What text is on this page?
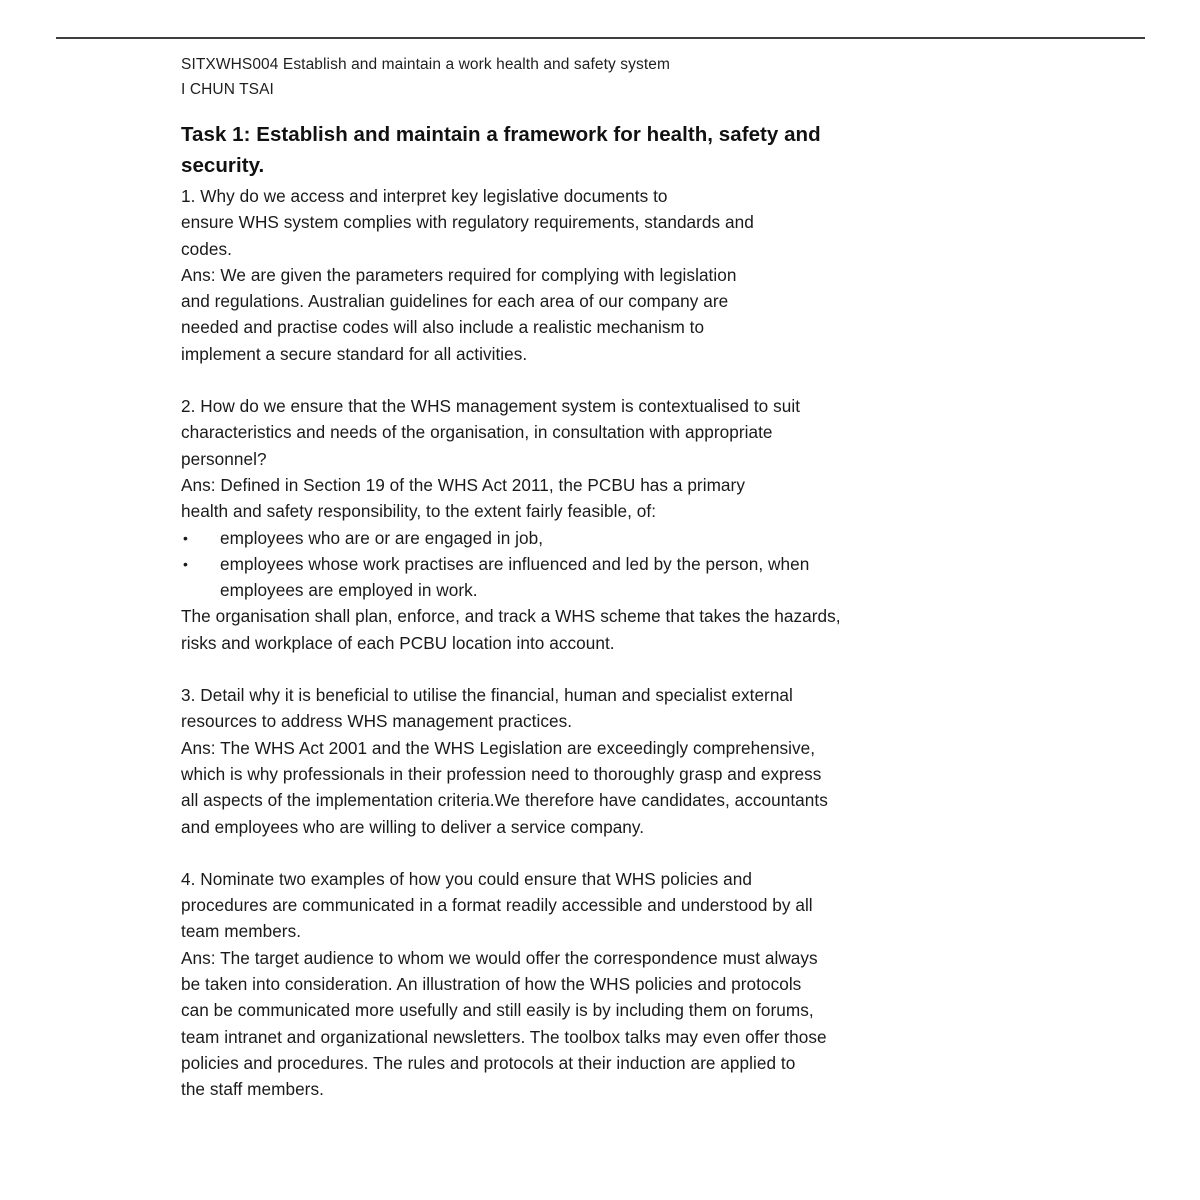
SITXWHS004 Establish and maintain a work health and safety system
I CHUN TSAI
Task 1: Establish and maintain a framework for health, safety and
security.

1. Why do we access and interpret key legislative documents to
ensure WHS system complies with regulatory requirements, standards and
codes.

Ans: We are given the parameters required for complying with legislation
and regulations. Australian guidelines for each area of our company are
needed and practise codes will also include a realistic mechanism to
implement a secure standard for all activities.

2. How do we ensure that the WHS management system is contextualised to suit
characteristics and needs of the organisation, in consultation with appropriate
personnel?

Ans: Defined in Section 19 of the WHS Act 2011, the PCBU has a primary
health and safety responsibility, to the extent fairly feasible, of:

• employees who are or are engaged in job,
• employees whose work practises are influenced and led by the person, when
employees are employed in work.

The organisation shall plan, enforce, and track a WHS scheme that takes the hazards,
risks and workplace of each PCBU location into account.

3. Detail why it is beneficial to utilise the financial, human and specialist external
resources to address WHS management practices.

Ans: The WHS Act 2001 and the WHS Legislation are exceedingly comprehensive,
which is why professionals in their profession need to thoroughly grasp and express
all aspects of the implementation criteria.We therefore have candidates, accountants
and employees who are willing to deliver a service company.

4. Nominate two examples of how you could ensure that WHS policies and
procedures are communicated in a format readily accessible and understood by all
team members.

Ans: The target audience to whom we would offer the correspondence must always
be taken into consideration. An illustration of how the WHS policies and protocols
can be communicated more usefully and still easily is by including them on forums,
team intranet and organizational newsletters. The toolbox talks may even offer those
policies and procedures. The rules and protocols at their induction are applied to
the staff members.
